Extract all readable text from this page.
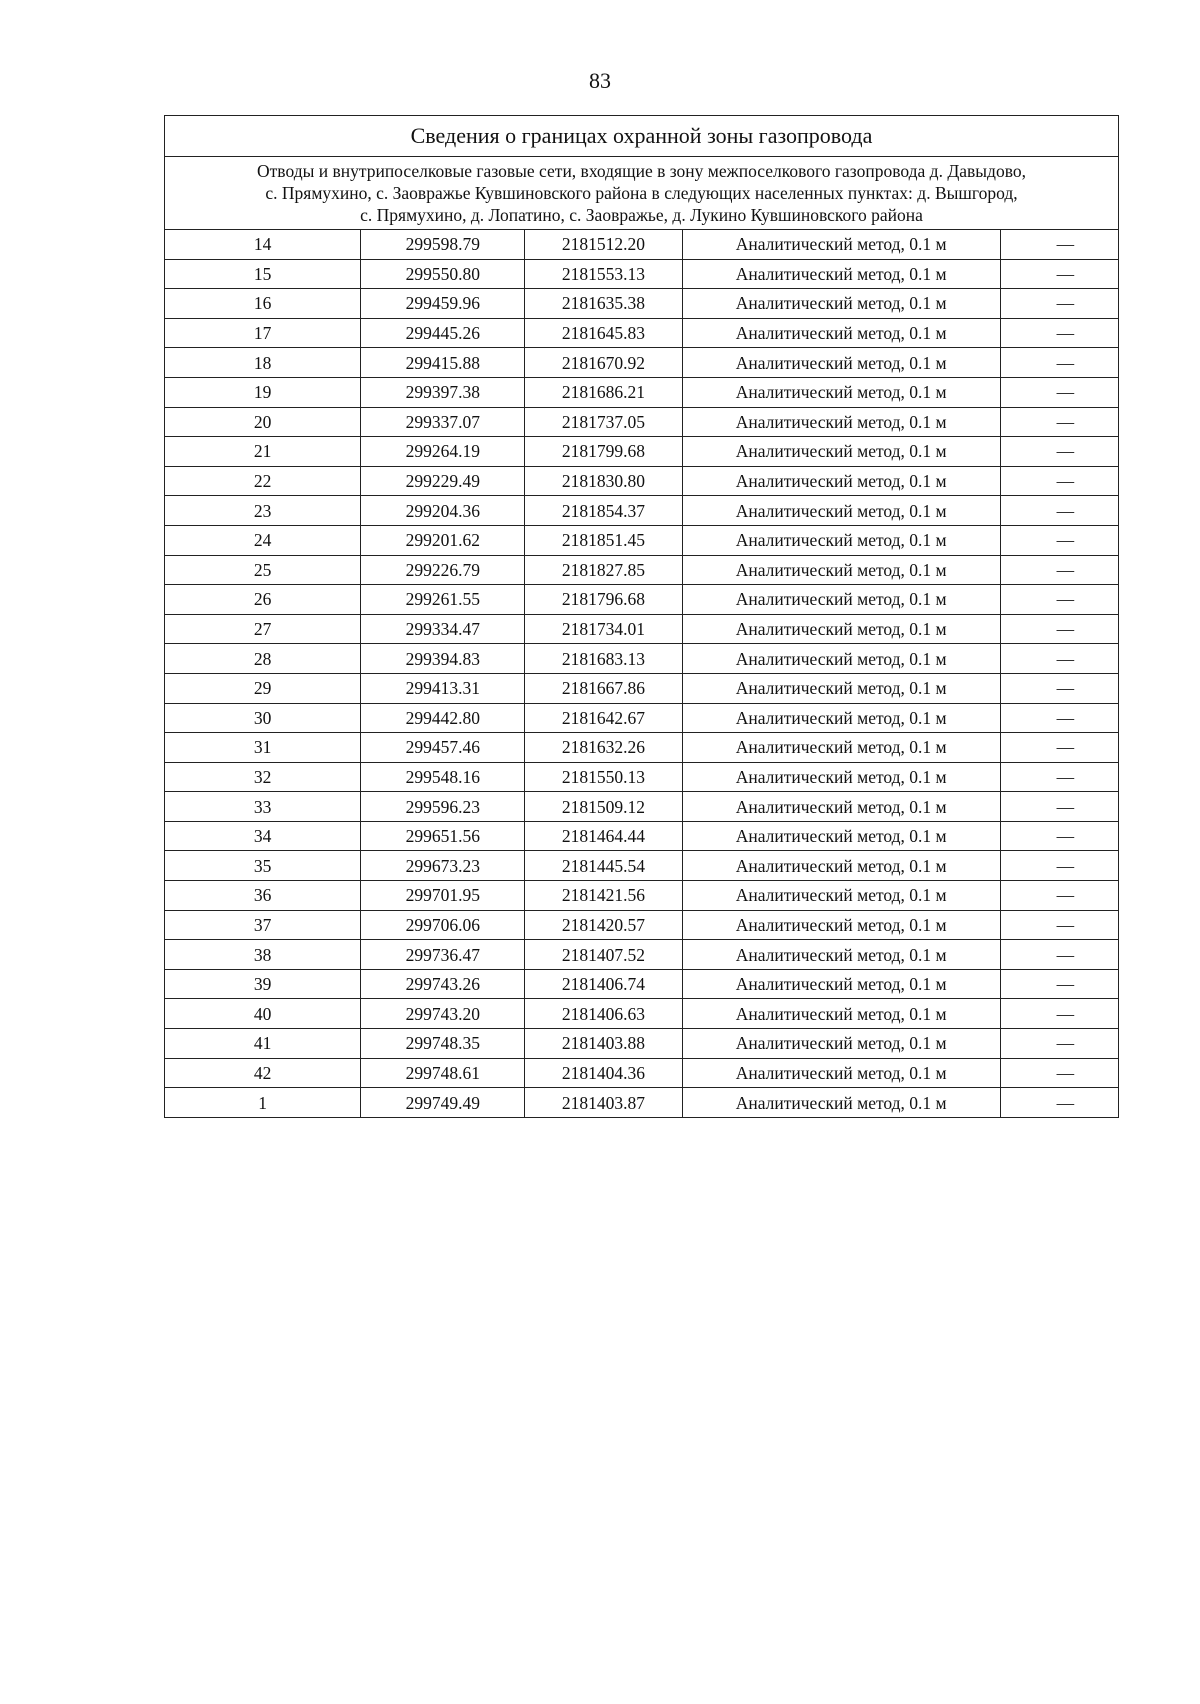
83
Сведения о границах охранной зоны газопровода				

Отводы и внутрипоселковые газовые сети, входящие в зону межпоселкового газопровода д. Давыдово,
с. Прямухино, с. Заовражье Кувшиновского района в следующих населенных пунктах: д. Вышгород,
с. Прямухино, д. Лопатино, с. Заовражье, д. Лукино Кувшиновского района				

14	299598.79	2181512.20	Аналитический метод, 0.1 м	—
15	299550.80	2181553.13	Аналитический метод, 0.1 м	—
16	299459.96	2181635.38	Аналитический метод, 0.1 м	—
17	299445.26	2181645.83	Аналитический метод, 0.1 м	—
18	299415.88	2181670.92	Аналитический метод, 0.1 м	—
19	299397.38	2181686.21	Аналитический метод, 0.1 м	—
20	299337.07	2181737.05	Аналитический метод, 0.1 м	—
21	299264.19	2181799.68	Аналитический метод, 0.1 м	—
22	299229.49	2181830.80	Аналитический метод, 0.1 м	—
23	299204.36	2181854.37	Аналитический метод, 0.1 м	—
24	299201.62	2181851.45	Аналитический метод, 0.1 м	—
25	299226.79	2181827.85	Аналитический метод, 0.1 м	—
26	299261.55	2181796.68	Аналитический метод, 0.1 м	—
27	299334.47	2181734.01	Аналитический метод, 0.1 м	—
28	299394.83	2181683.13	Аналитический метод, 0.1 м	—
29	299413.31	2181667.86	Аналитический метод, 0.1 м	—
30	299442.80	2181642.67	Аналитический метод, 0.1 м	—
31	299457.46	2181632.26	Аналитический метод, 0.1 м	—
32	299548.16	2181550.13	Аналитический метод, 0.1 м	—
33	299596.23	2181509.12	Аналитический метод, 0.1 м	—
34	299651.56	2181464.44	Аналитический метод, 0.1 м	—
35	299673.23	2181445.54	Аналитический метод, 0.1 м	—
36	299701.95	2181421.56	Аналитический метод, 0.1 м	—
37	299706.06	2181420.57	Аналитический метод, 0.1 м	—
38	299736.47	2181407.52	Аналитический метод, 0.1 м	—
39	299743.26	2181406.74	Аналитический метод, 0.1 м	—
40	299743.20	2181406.63	Аналитический метод, 0.1 м	—
41	299748.35	2181403.88	Аналитический метод, 0.1 м	—
42	299748.61	2181404.36	Аналитический метод, 0.1 м	—
1	299749.49	2181403.87	Аналитический метод, 0.1 м	—
